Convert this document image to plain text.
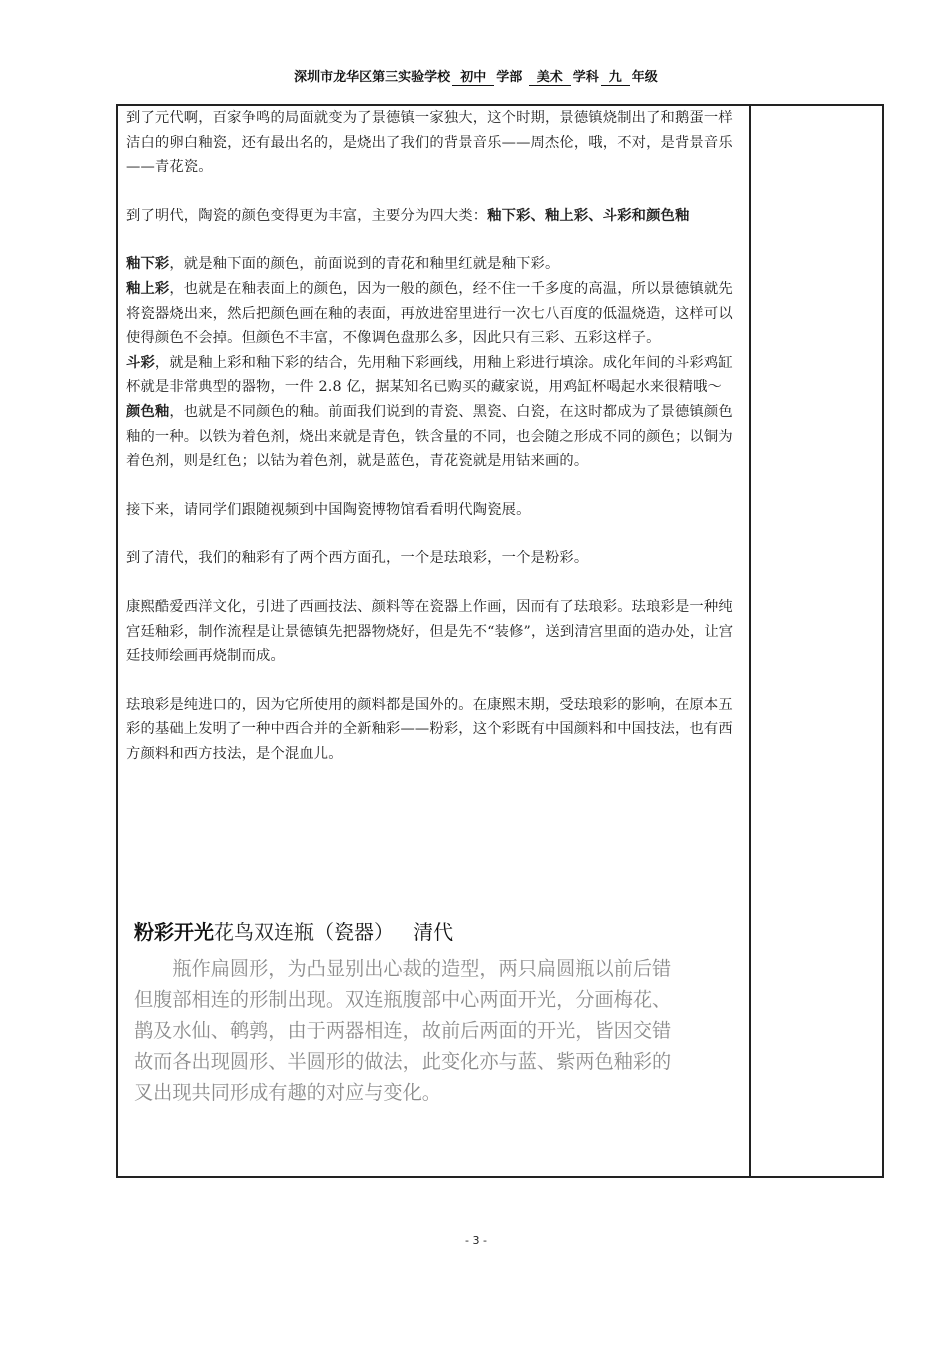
深圳市龙华区第三实验学校 初中 学部 美术 学科 九 年级

到了元代啊，百家争鸣的局面就变为了景德镇一家独大，这个时期，景德镇烧制出了和鹅蛋一样洁白的卵白釉瓷，还有最出名的，是烧出了我们的背景音乐——周杰伦，哦，不对，是背景音乐——青花瓷。

到了明代，陶瓷的颜色变得更为丰富，主要分为四大类：釉下彩、釉上彩、斗彩和颜色釉

釉下彩，就是釉下面的颜色，前面说到的青花和釉里红就是釉下彩。

釉上彩，也就是在釉表面上的颜色，因为一般的颜色，经不住一千多度的高温，所以景德镇就先将瓷器烧出来，然后把颜色画在釉的表面，再放进窑里进行一次七八百度的低温烧造，这样可以使得颜色不会掉。但颜色不丰富，不像调色盘那么多，因此只有三彩、五彩这样子。

斗彩，就是釉上彩和釉下彩的结合，先用釉下彩画线，用釉上彩进行填涂。成化年间的斗彩鸡缸杯就是非常典型的器物，一件 2.8 亿，据某知名已购买的藏家说，用鸡缸杯喝起水来很精哦～

颜色釉，也就是不同颜色的釉。前面我们说到的青瓷、黑瓷、白瓷，在这时都成为了景德镇颜色釉的一种。以铁为着色剂，烧出来就是青色，铁含量的不同，也会随之形成不同的颜色；以铜为着色剂，则是红色；以钴为着色剂，就是蓝色，青花瓷就是用钴来画的。

接下来，请同学们跟随视频到中国陶瓷博物馆看看明代陶瓷展。

到了清代，我们的釉彩有了两个西方面孔，一个是珐琅彩，一个是粉彩。

康熙酷爱西洋文化，引进了西画技法、颜料等在瓷器上作画，因而有了珐琅彩。珐琅彩是一种纯宫廷釉彩，制作流程是让景德镇先把器物烧好，但是先不“装修”，送到清宫里面的造办处，让宫廷技师绘画再烧制而成。

珐琅彩是纯进口的，因为它所使用的颜料都是国外的。在康熙末期，受珐琅彩的影响，在原本五彩的基础上发明了一种中西合并的全新釉彩——粉彩，这个彩既有中国颜料和中国技法，也有西方颜料和西方技法，是个混血儿。

粉彩开光花鸟双连瓶（瓷器） 清代
　　瓶作扁圆形，为凸显别出心裁的造型，两只扁圆瓶以前后错
但腹部相连的形制出现。双连瓶腹部中心两面开光，分画梅花、
鹊及水仙、鹌鹑，由于两器相连，故前后两面的开光，皆因交错
故而各出现圆形、半圆形的做法，此变化亦与蓝、紫两色釉彩的
叉出现共同形成有趣的对应与变化。
- 3 -
